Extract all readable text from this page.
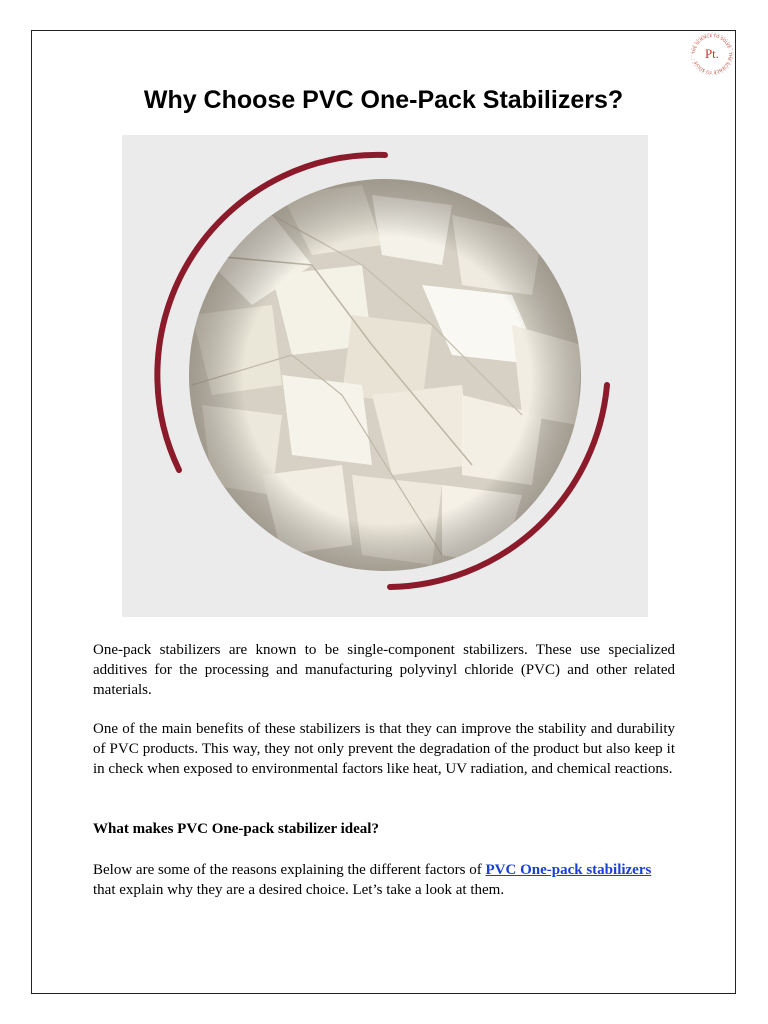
THE SCIENCE TO SOLVE · THE SCIENCE TO SOLVE · Pt.
Why Choose PVC One-Pack Stabilizers?

One-pack stabilizers are known to be single-component stabilizers. These use specialized additives for the processing and manufacturing polyvinyl chloride (PVC) and other related materials.

One of the main benefits of these stabilizers is that they can improve the stability and durability of PVC products. This way, they not only prevent the degradation of the product but also keep it in check when exposed to environmental factors like heat, UV radiation, and chemical reactions.

What makes PVC One-pack stabilizer ideal?

Below are some of the reasons explaining the different factors of PVC One-pack stabilizers that explain why they are a desired choice. Let’s take a look at them.
